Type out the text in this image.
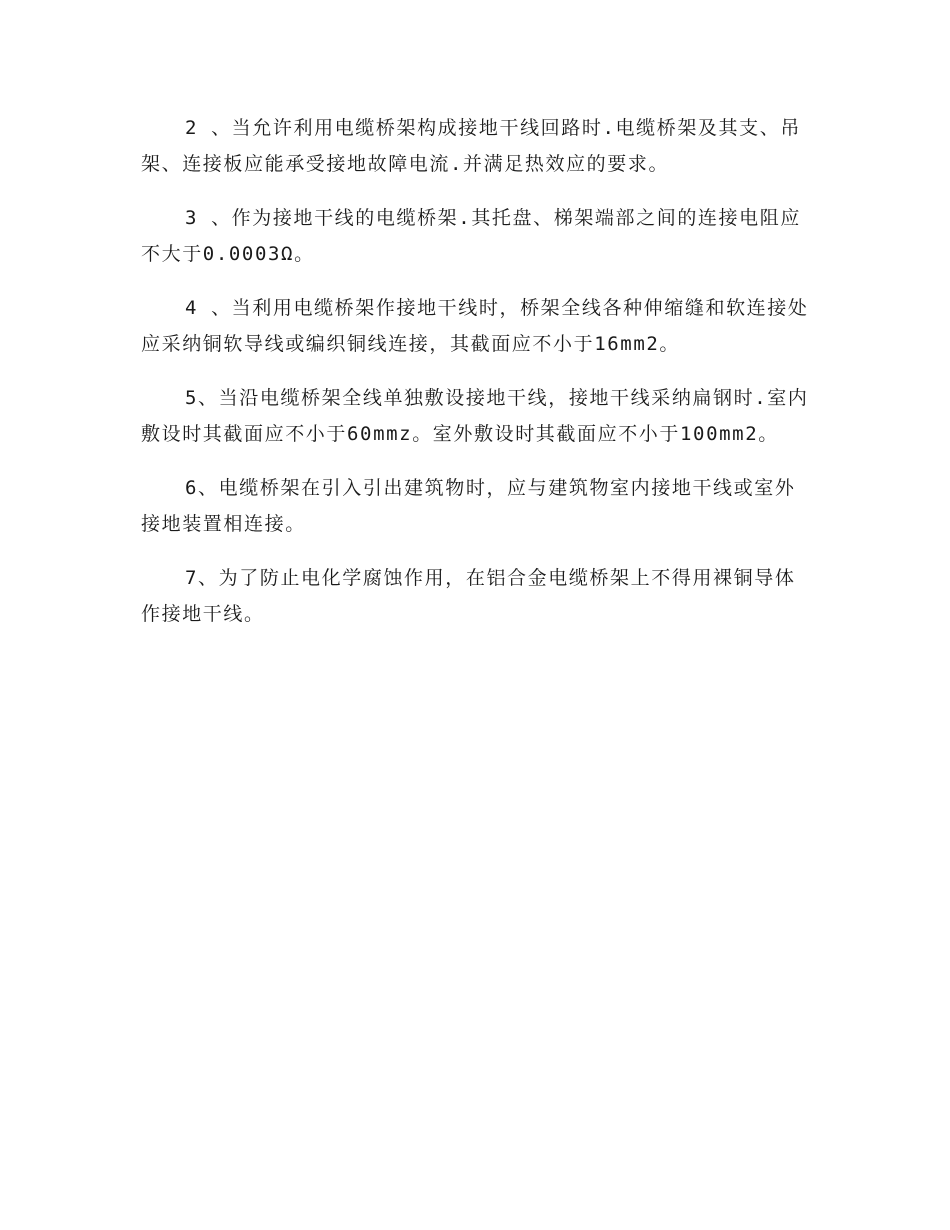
2 、当允许利用电缆桥架构成接地干线回路时.电缆桥架及其支、吊架、连接板应能承受接地故障电流.并满足热效应的要求。

3 、作为接地干线的电缆桥架.其托盘、梯架端部之间的连接电阻应不大于0.0003Ω。

4 、当利用电缆桥架作接地干线时，桥架全线各种伸缩缝和软连接处应采纳铜软导线或编织铜线连接，其截面应不小于16mm2。

5、当沿电缆桥架全线单独敷设接地干线，接地干线采纳扁钢时.室内敷设时其截面应不小于60mmz。室外敷设时其截面应不小于100mm2。

6、电缆桥架在引入引出建筑物时，应与建筑物室内接地干线或室外接地装置相连接。

7、为了防止电化学腐蚀作用，在铝合金电缆桥架上不得用裸铜导体作接地干线。
